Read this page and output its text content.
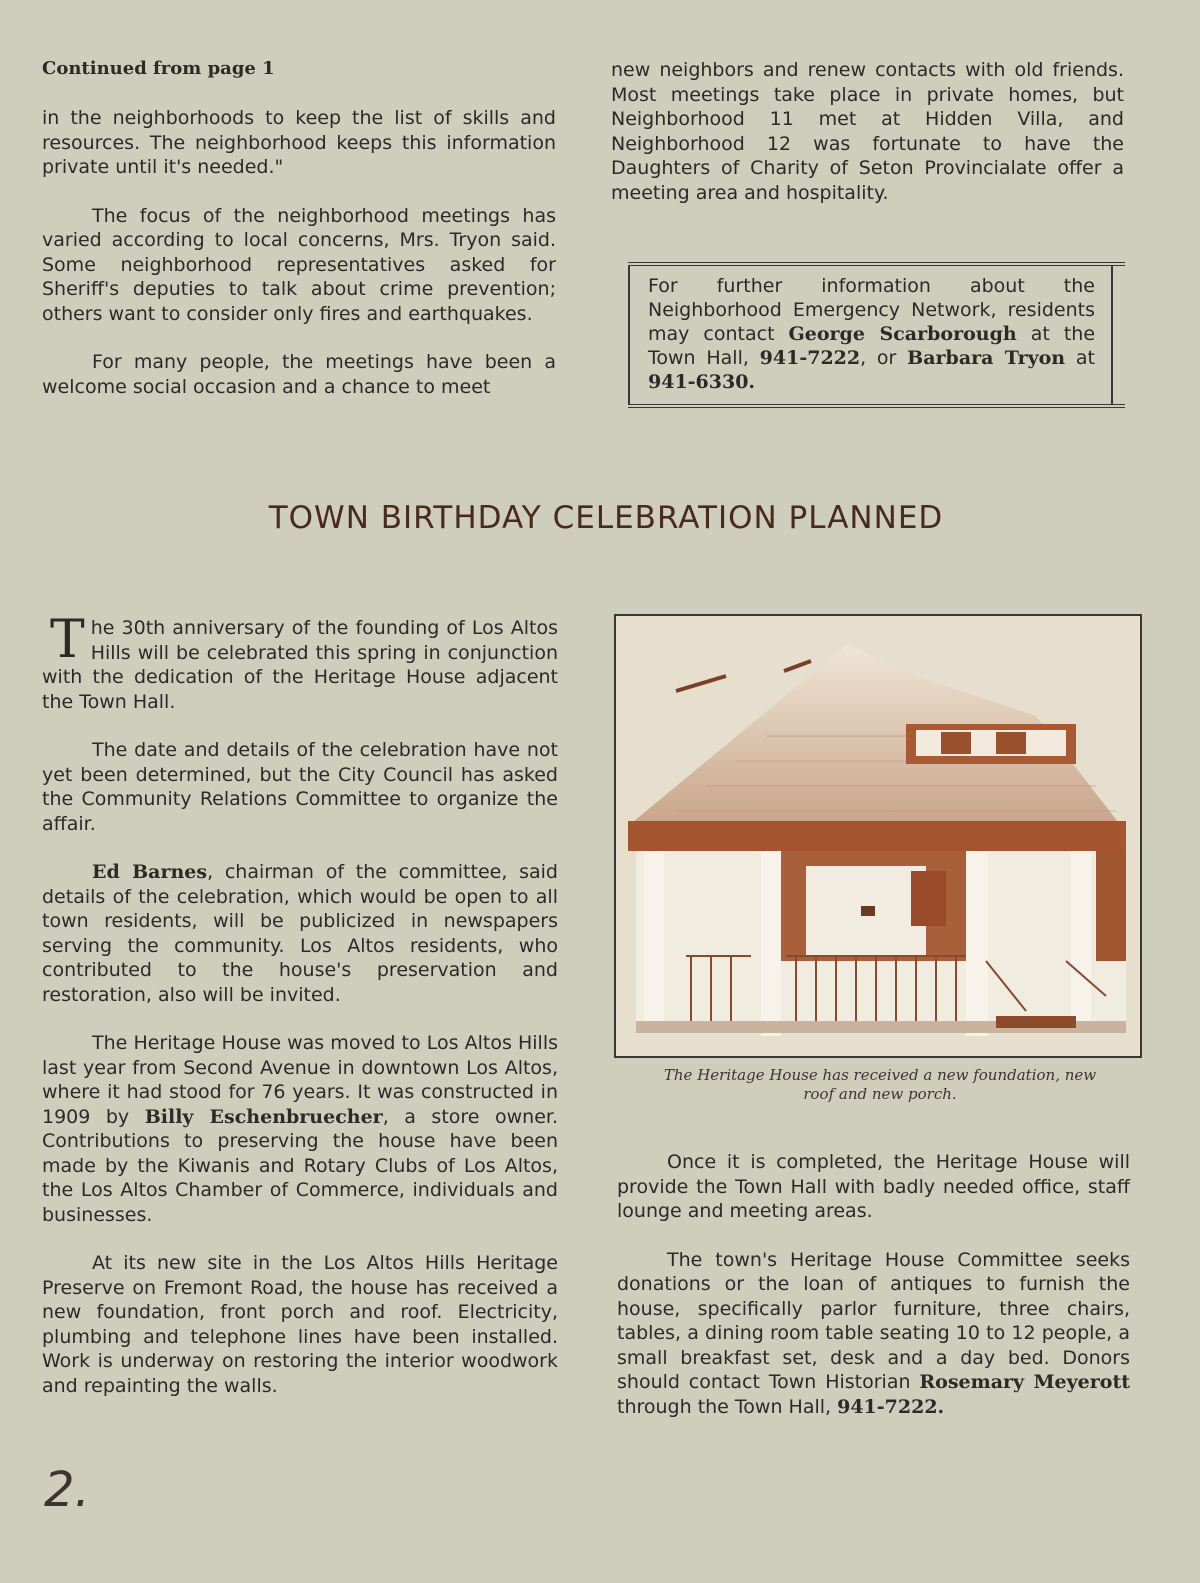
Continued from page 1

in the neighborhoods to keep the list of skills and resources. The neighborhood keeps this information private until it's needed."

The focus of the neighborhood meetings has varied according to local concerns, Mrs. Tryon said. Some neighborhood representatives asked for Sheriff's deputies to talk about crime prevention; others want to consider only fires and earthquakes.

For many people, the meetings have been a welcome social occasion and a chance to meet

new neighbors and renew contacts with old friends. Most meetings take place in private homes, but Neighborhood 11 met at Hidden Villa, and Neighborhood 12 was fortunate to have the Daughters of Charity of Seton Provincialate offer a meeting area and hospitality.

For further information about the Neighborhood Emergency Network, residents may contact George Scarborough at the Town Hall, 941-7222, or Barbara Tryon at 941-6330.
TOWN BIRTHDAY CELEBRATION PLANNED

The 30th anniversary of the founding of Los Altos Hills will be celebrated this spring in conjunction with the dedication of the Heritage House adjacent the Town Hall.

The date and details of the celebration have not yet been determined, but the City Council has asked the Community Relations Committee to organize the affair.

Ed Barnes, chairman of the committee, said details of the celebration, which would be open to all town residents, will be publicized in newspapers serving the community. Los Altos residents, who contributed to the house's preservation and restoration, also will be invited.

The Heritage House was moved to Los Altos Hills last year from Second Avenue in downtown Los Altos, where it had stood for 76 years. It was constructed in 1909 by Billy Eschenbruecher, a store owner. Contributions to preserving the house have been made by the Kiwanis and Rotary Clubs of Los Altos, the Los Altos Chamber of Commerce, individuals and businesses.

At its new site in the Los Altos Hills Heritage Preserve on Fremont Road, the house has received a new foundation, front porch and roof. Electricity, plumbing and telephone lines have been installed. Work is underway on restoring the interior woodwork and repainting the walls.

The Heritage House has received a new foundation, new roof and new porch.

Once it is completed, the Heritage House will provide the Town Hall with badly needed office, staff lounge and meeting areas.

The town's Heritage House Committee seeks donations or the loan of antiques to furnish the house, specifically parlor furniture, three chairs, tables, a dining room table seating 10 to 12 people, a small breakfast set, desk and a day bed. Donors should contact Town Historian Rosemary Meyerott through the Town Hall, 941-7222.

2.
